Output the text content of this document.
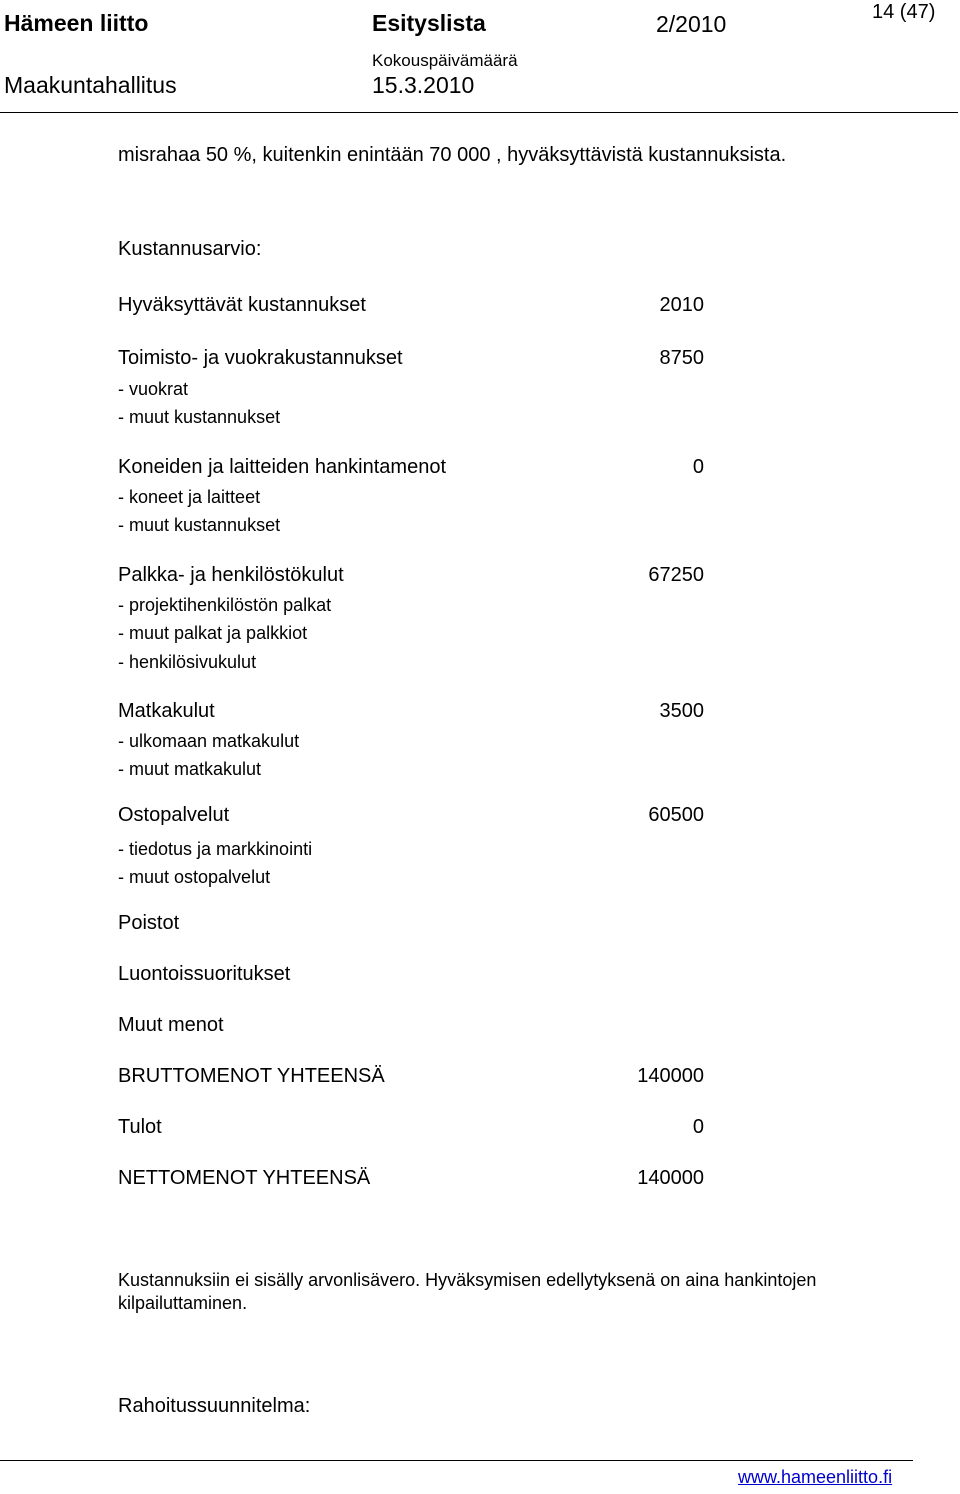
Hämeen liitto	Esityslista	2/2010	14 (47)
Kokouspäivämäärä
Maakuntahallitus	15.3.2010
misrahaa 50 %, kuitenkin enintään 70 000 , hyväksyttävistä kustannuksista.
Kustannusarvio:
Hyväksyttävät kustannukset	2010
Toimisto- ja vuokrakustannukset	8750
- vuokrat
- muut kustannukset
Koneiden ja laitteiden hankintamenot	0
- koneet ja laitteet
- muut kustannukset
Palkka- ja henkilöstökulut	67250
- projektihenkilöstön palkat
- muut palkat ja palkkiot
- henkilösivukulut
Matkakulut	3500
- ulkomaan matkakulut
- muut matkakulut
Ostopalvelut	60500
- tiedotus ja markkinointi
- muut ostopalvelut
Poistot
Luontoissuoritukset
Muut menot
BRUTTOMENOT YHTEENSÄ	140000
Tulot	0
NETTOMENOT YHTEENSÄ	140000
Kustannuksiin ei sisälly arvonlisävero. Hyväksymisen edellytyksenä on aina hankintojen
kilpailuttaminen.
Rahoitussuunnitelma:
www.hameenliitto.fi
